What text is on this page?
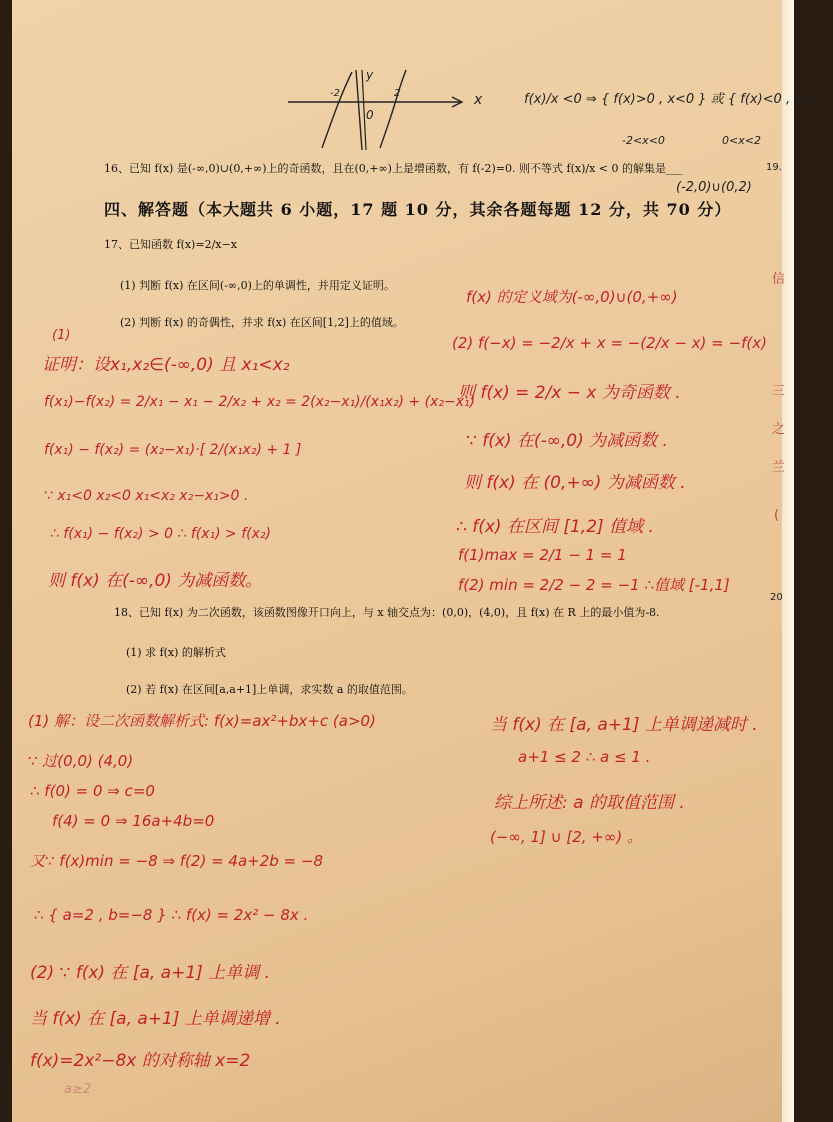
y
x
0
-2	2	f(x)/x <0 ⇒ { f(x)>0 , x<0 } 或 { f(x)<0 , x>0 }
-2<x<0	0<x<2
16、已知 f(x) 是(-∞,0)∪(0,+∞)上的奇函数，且在(0,+∞)上是增函数，有 f(-2)=0. 则不等式 f(x)/x < 0 的解集是___
(-2,0)∪(0,2)
四、解答题（本大题共 6 小题，17 题 10 分，其余各题每题 12 分，共 70 分）
17、已知函数 f(x)=2/x−x
(1) 判断 f(x) 在区间(-∞,0)上的单调性，并用定义证明。
(2) 判断 f(x) 的奇偶性，并求 f(x) 在区间[1,2]上的值域。
(1)
证明：设x₁,x₂∈(-∞,0) 且 x₁<x₂
f(x₁)−f(x₂) = 2/x₁ − x₁ − 2/x₂ + x₂ = 2(x₂−x₁)/(x₁x₂) + (x₂−x₁)
f(x₁) − f(x₂) = (x₂−x₁)·[ 2/(x₁x₂) + 1 ]
∵ x₁<0 x₂<0 x₁<x₂ x₂−x₁>0 .
∴ f(x₁) − f(x₂) > 0 ∴ f(x₁) > f(x₂)
则 f(x) 在(-∞,0) 为减函数。
f(x) 的定义域为(-∞,0)∪(0,+∞)
(2) f(−x) = −2/x + x = −(2/x − x) = −f(x)
则 f(x) = 2/x − x 为奇函数 .
∵ f(x) 在(-∞,0) 为减函数 .
则 f(x) 在 (0,+∞) 为减函数 .
∴ f(x) 在区间 [1,2] 值域 .
f(1)max = 2/1 − 1 = 1
f(2) min = 2/2 − 2 = −1 ∴值域 [-1,1]
18、已知 f(x) 为二次函数，该函数图像开口向上，与 x 轴交点为：(0,0)，(4,0)，且 f(x) 在 R 上的最小值为-8.
(1) 求 f(x) 的解析式
(2) 若 f(x) 在区间[a,a+1]上单调，求实数 a 的取值范围。
(1) 解：设二次函数解析式: f(x)=ax²+bx+c (a>0)
∵ 过(0,0) (4,0)
∴ f(0) = 0 ⇒ c=0
f(4) = 0 ⇒ 16a+4b=0
又∵ f(x)min = −8 ⇒ f(2) = 4a+2b = −8
∴ { a=2 , b=−8 } ∴ f(x) = 2x² − 8x .
(2) ∵ f(x) 在 [a, a+1] 上单调 .
当 f(x) 在 [a, a+1] 上单调递增 .
f(x)=2x²−8x 的对称轴 x=2
a≥2
当 f(x) 在 [a, a+1] 上单调递减时 .
a+1 ≤ 2 ∴ a ≤ 1 .
综上所述: a 的取值范围 .
(−∞, 1] ∪ [2, +∞) 。
19.
20
信
三
之
兰
(
